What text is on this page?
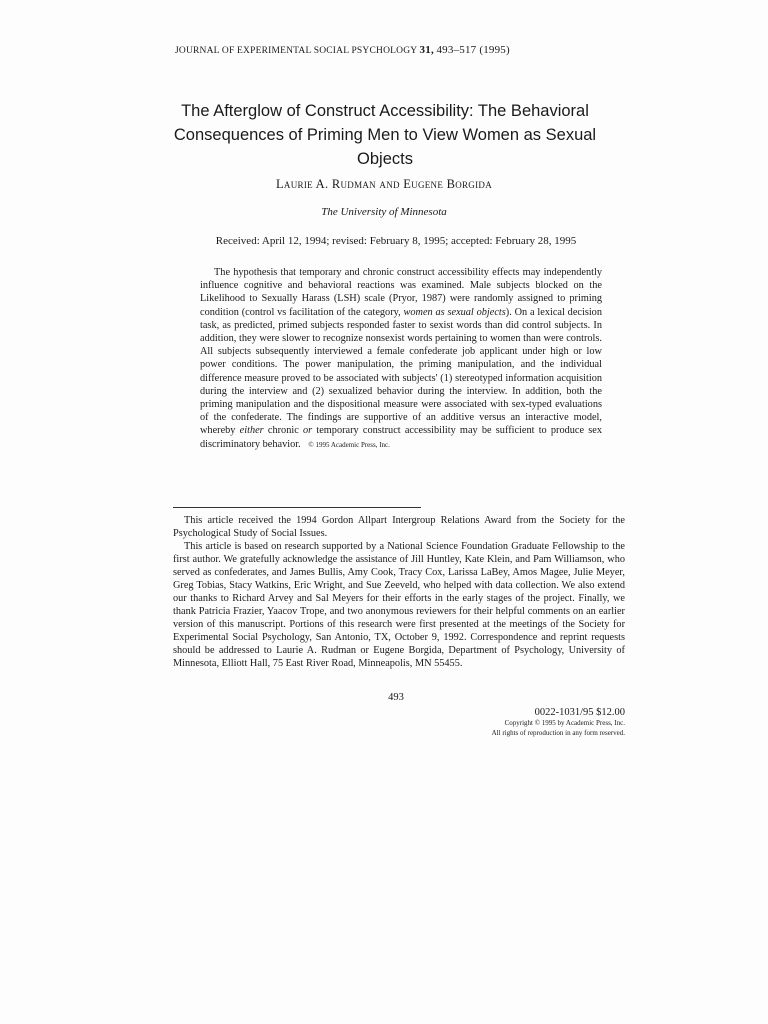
JOURNAL OF EXPERIMENTAL SOCIAL PSYCHOLOGY 31, 493–517 (1995)
The Afterglow of Construct Accessibility: The Behavioral Consequences of Priming Men to View Women as Sexual Objects
Laurie A. Rudman and Eugene Borgida
The University of Minnesota
Received: April 12, 1994; revised: February 8, 1995; accepted: February 28, 1995

The hypothesis that temporary and chronic construct accessibility effects may independently influence cognitive and behavioral reactions was examined. Male subjects blocked on the Likelihood to Sexually Harass (LSH) scale (Pryor, 1987) were randomly assigned to priming condition (control vs facilitation of the category, women as sexual objects). On a lexical decision task, as predicted, primed subjects responded faster to sexist words than did control subjects. In addition, they were slower to recognize nonsexist words pertaining to women than were controls. All subjects subsequently interviewed a female confederate job applicant under high or low power conditions. The power manipulation, the priming manipulation, and the individual difference measure proved to be associated with subjects' (1) stereotyped information acquisition during the interview and (2) sexualized behavior during the interview. In addition, both the priming manipulation and the dispositional measure were associated with sex-typed evaluations of the confederate. The findings are supportive of an additive versus an interactive model, whereby either chronic or temporary construct accessibility may be sufficient to produce sex discriminatory behavior. © 1995 Academic Press, Inc.

This article received the 1994 Gordon Allpart Intergroup Relations Award from the Society for the Psychological Study of Social Issues.

This article is based on research supported by a National Science Foundation Graduate Fellowship to the first author. We gratefully acknowledge the assistance of Jill Huntley, Kate Klein, and Pam Williamson, who served as confederates, and James Bullis, Amy Cook, Tracy Cox, Larissa LaBey, Amos Magee, Julie Meyer, Greg Tobias, Stacy Watkins, Eric Wright, and Sue Zeeveld, who helped with data collection. We also extend our thanks to Richard Arvey and Sal Meyers for their efforts in the early stages of the project. Finally, we thank Patricia Frazier, Yaacov Trope, and two anonymous reviewers for their helpful comments on an earlier version of this manuscript. Portions of this research were first presented at the meetings of the Society for Experimental Social Psychology, San Antonio, TX, October 9, 1992. Correspondence and reprint requests should be addressed to Laurie A. Rudman or Eugene Borgida, Department of Psychology, University of Minnesota, Elliott Hall, 75 East River Road, Minneapolis, MN 55455.

493
0022-1031/95 $12.00
Copyright © 1995 by Academic Press, Inc.
All rights of reproduction in any form reserved.
